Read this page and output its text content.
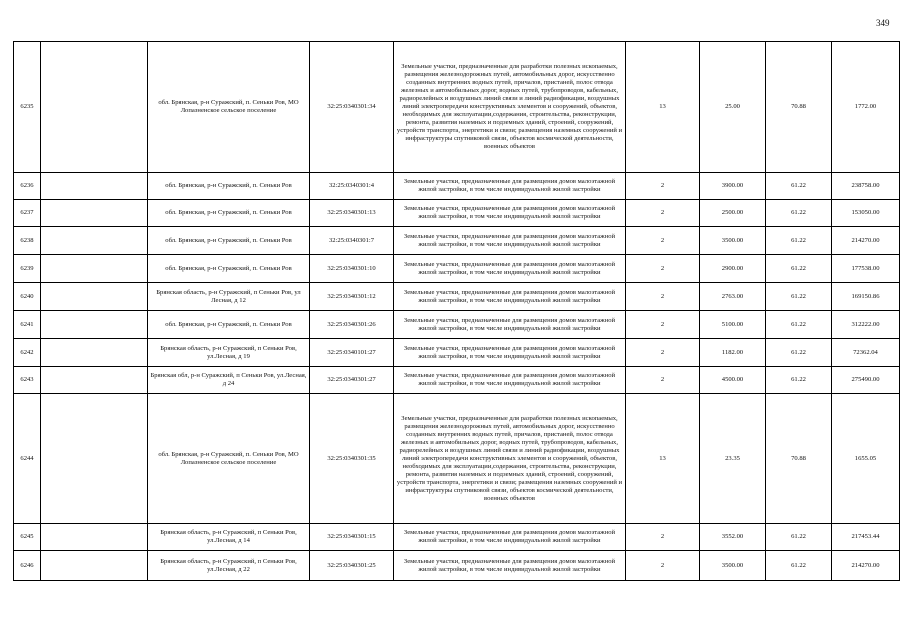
349
6235		обл. Брянская, р-н Суражский, п. Сеньки Ров, МО Лопазненское сельское поселение	32:25:0340301:34	Земельные участки, предназначенные для разработки полезных ископаемых, размещения железнодорожных путей, автомобильных дорог, искусственно созданных внутренних водных путей, причалов, пристаней, полос отвода железных и автомобильных дорог, водных путей, трубопроводов, кабельных, радиорелейных и воздушных линий связи и линий радиофикации, воздушных линий электропередачи конструктивных элементов и сооружений, объектов, необходимых для эксплуатации,содержания, строительства, реконструкции, ремонта, развития наземных и подземных зданий, строений, сооружений, устройств транспорта, энергетики и связи; размещения наземных сооружений и инфраструктуры спутниковой связи, объектов космической деятельности, военных объектов	13	25.00	70.88	1772.00
6236		обл. Брянская, р-н Суражский, п. Сеньки Ров	32:25:0340301:4	Земельные участки, предназначенные для размещения домов малоэтажной жилой застройки, в том числе индивидуальной жилой застройки	2	3900.00	61.22	238758.00
6237		обл. Брянская, р-н Суражский, п. Сеньки Ров	32:25:0340301:13	Земельные участки, предназначенные для размещения домов малоэтажной жилой застройки, в том числе индивидуальной жилой застройки	2	2500.00	61.22	153050.00
6238		обл. Брянская, р-н Суражский, п. Сеньки Ров	32:25:0340301:7	Земельные участки, предназначенные для размещения домов малоэтажной жилой застройки, в том числе индивидуальной жилой застройки	2	3500.00	61.22	214270.00
6239		обл. Брянская, р-н Суражский, п. Сеньки Ров	32:25:0340301:10	Земельные участки, предназначенные для размещения домов малоэтажной жилой застройки, в том числе индивидуальной жилой застройки	2	2900.00	61.22	177538.00
6240		Брянская область, р-н Суражский, п Сеньки Ров, ул Лесная, д 12	32:25:0340301:12	Земельные участки, предназначенные для размещения домов малоэтажной жилой застройки, в том числе индивидуальной жилой застройки	2	2763.00	61.22	169150.86
6241		обл. Брянская, р-н Суражский, п. Сеньки Ров	32:25:0340301:26	Земельные участки, предназначенные для размещения домов малоэтажной жилой застройки, в том числе индивидуальной жилой застройки	2	5100.00	61.22	312222.00
6242		Брянская область, р-н Суражский, п Сеньки Ров, ул.Лесная, д 19	32:25:0340101:27	Земельные участки, предназначенные для размещения домов малоэтажной жилой застройки, в том числе индивидуальной жилой застройки	2	1182.00	61.22	72362.04
6243		Брянская обл, р-н Суражский, п Сеньки Ров, ул.Лесная, д 24	32:25:0340301:27	Земельные участки, предназначенные для размещения домов малоэтажной жилой застройки, в том числе индивидуальной жилой застройки	2	4500.00	61.22	275490.00
6244		обл. Брянская, р-н Суражский, п. Сеньки Ров, МО Лопазненское сельское поселение	32:25:0340301:35	Земельные участки, предназначенные для разработки полезных ископаемых, размещения железнодорожных путей, автомобильных дорог, искусственно созданных внутренних водных путей, причалов, пристаней, полос отвода железных и автомобильных дорог, водных путей, трубопроводов, кабельных, радиорелейных и воздушных линий связи и линий радиофикации, воздушных линий электропередачи конструктивных элементов и сооружений, объектов, необходимых для эксплуатации,содержания, строительства, реконструкции, ремонта, развития наземных и подземных зданий, строений, сооружений, устройств транспорта, энергетики и связи; размещения наземных сооружений и инфраструктуры спутниковой связи, объектов космической деятельности, военных объектов	13	23.35	70.88	1655.05
6245		Брянская область, р-н Суражский, п Сеньки Ров, ул.Лесная, д 14	32:25:0340301:15	Земельные участки, предназначенные для размещения домов малоэтажной жилой застройки, в том числе индивидуальной жилой застройки	2	3552.00	61.22	217453.44
6246		Брянская область, р-н Суражский, п Сеньки Ров, ул.Лесная, д 22	32:25:0340301:25	Земельные участки, предназначенные для размещения домов малоэтажной жилой застройки, в том числе индивидуальной жилой застройки	2	3500.00	61.22	214270.00
